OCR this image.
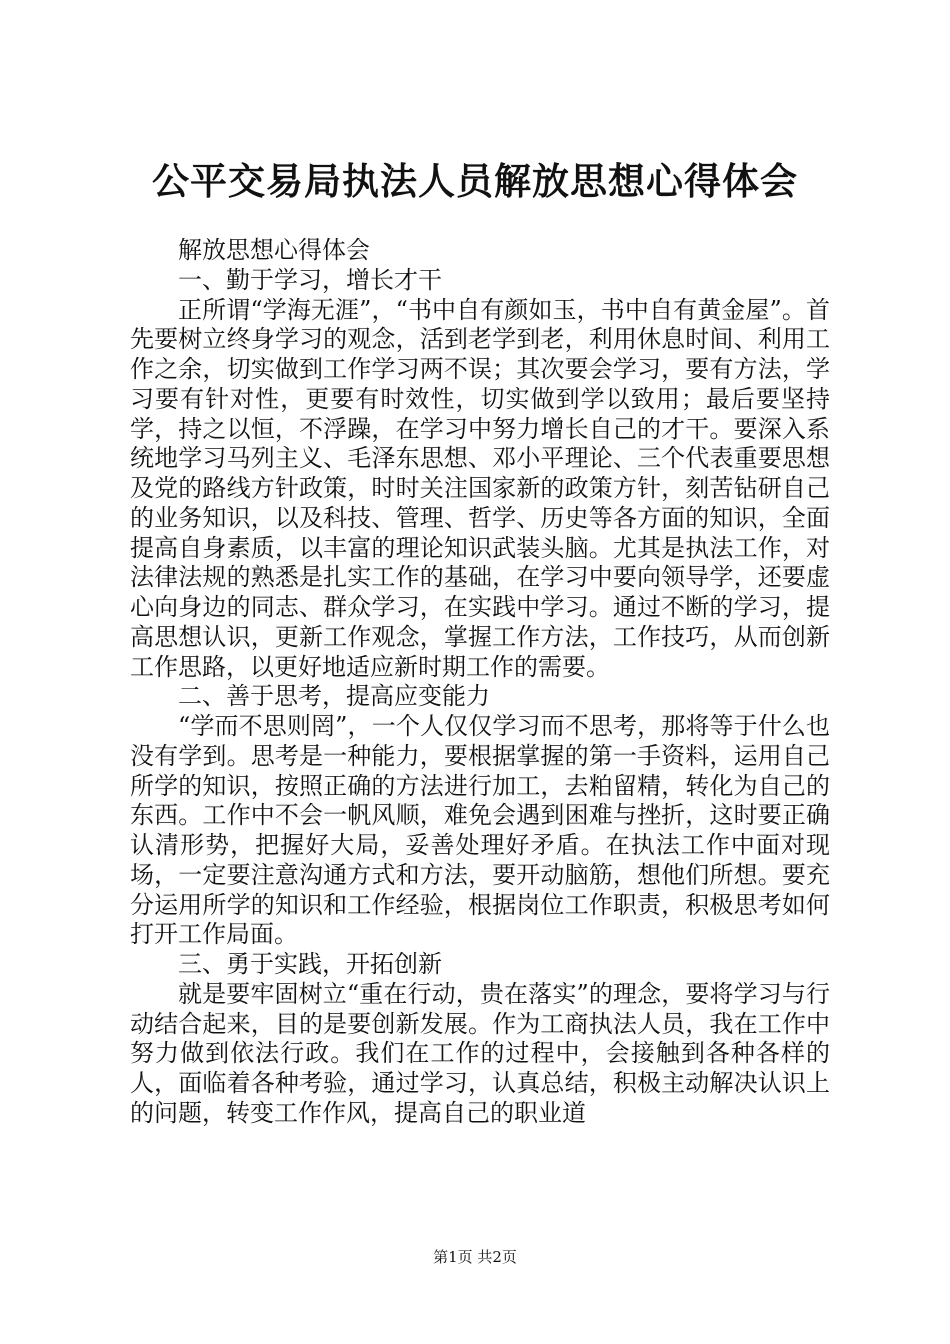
公平交易局执法人员解放思想心得体会

解放思想心得体会

一、勤于学习，增长才干

正所谓“学海无涯”，“书中自有颜如玉，书中自有黄金屋”。首先要树立终身学习的观念，活到老学到老，利用休息时间、利用工作之余，切实做到工作学习两不误；其次要会学习，要有方法，学习要有针对性，更要有时效性，切实做到学以致用；最后要坚持学，持之以恒，不浮躁，在学习中努力增长自己的才干。要深入系统地学习马列主义、毛泽东思想、邓小平理论、三个代表重要思想及党的路线方针政策，时时关注国家新的政策方针，刻苦钻研自己的业务知识，以及科技、管理、哲学、历史等各方面的知识，全面提高自身素质，以丰富的理论知识武装头脑。尤其是执法工作，对法律法规的熟悉是扎实工作的基础，在学习中要向领导学，还要虚心向身边的同志、群众学习，在实践中学习。通过不断的学习，提高思想认识，更新工作观念，掌握工作方法，工作技巧，从而创新工作思路，以更好地适应新时期工作的需要。

二、善于思考，提高应变能力

“学而不思则罔”，一个人仅仅学习而不思考，那将等于什么也没有学到。思考是一种能力，要根据掌握的第一手资料，运用自己所学的知识，按照正确的方法进行加工，去粕留精，转化为自己的东西。工作中不会一帆风顺，难免会遇到困难与挫折，这时要正确认清形势，把握好大局，妥善处理好矛盾。在执法工作中面对现场，一定要注意沟通方式和方法，要开动脑筋，想他们所想。要充分运用所学的知识和工作经验，根据岗位工作职责，积极思考如何打开工作局面。

三、勇于实践，开拓创新

就是要牢固树立“重在行动，贵在落实”的理念，要将学习与行动结合起来，目的是要创新发展。作为工商执法人员，我在工作中努力做到依法行政。我们在工作的过程中，会接触到各种各样的人，面临着各种考验，通过学习，认真总结，积极主动解决认识上的问题，转变工作作风，提高自己的职业道

第1页 共2页
